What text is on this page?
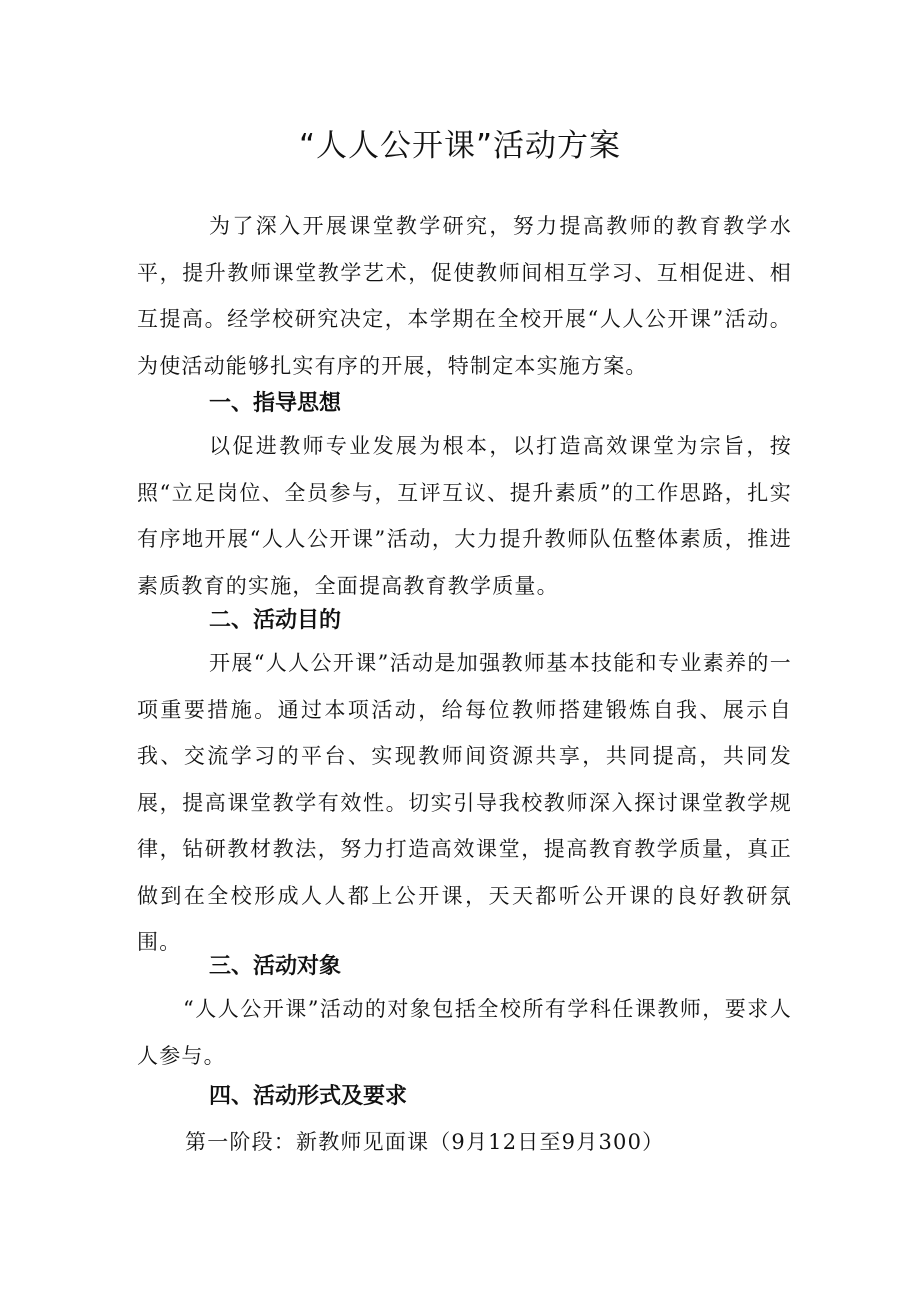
“人人公开课”活动方案

为了深入开展课堂教学研究，努力提高教师的教育教学水平，提升教师课堂教学艺术，促使教师间相互学习、互相促进、相互提高。经学校研究决定，本学期在全校开展“人人公开课”活动。为使活动能够扎实有序的开展，特制定本实施方案。

一、指导思想

以促进教师专业发展为根本，以打造高效课堂为宗旨，按照“立足岗位、全员参与，互评互议、提升素质”的工作思路，扎实有序地开展“人人公开课”活动，大力提升教师队伍整体素质，推进素质教育的实施，全面提高教育教学质量。

二、活动目的

开展“人人公开课”活动是加强教师基本技能和专业素养的一项重要措施。通过本项活动，给每位教师搭建锻炼自我、展示自我、交流学习的平台、实现教师间资源共享，共同提高，共同发展，提高课堂教学有效性。切实引导我校教师深入探讨课堂教学规律，钻研教材教法，努力打造高效课堂，提高教育教学质量，真正做到在全校形成人人都上公开课，天天都听公开课的良好教研氛围。

三、活动对象

“人人公开课”活动的对象包括全校所有学科任课教师，要求人人参与。

四、活动形式及要求

第一阶段：新教师见面课（9月12日至9月300）
